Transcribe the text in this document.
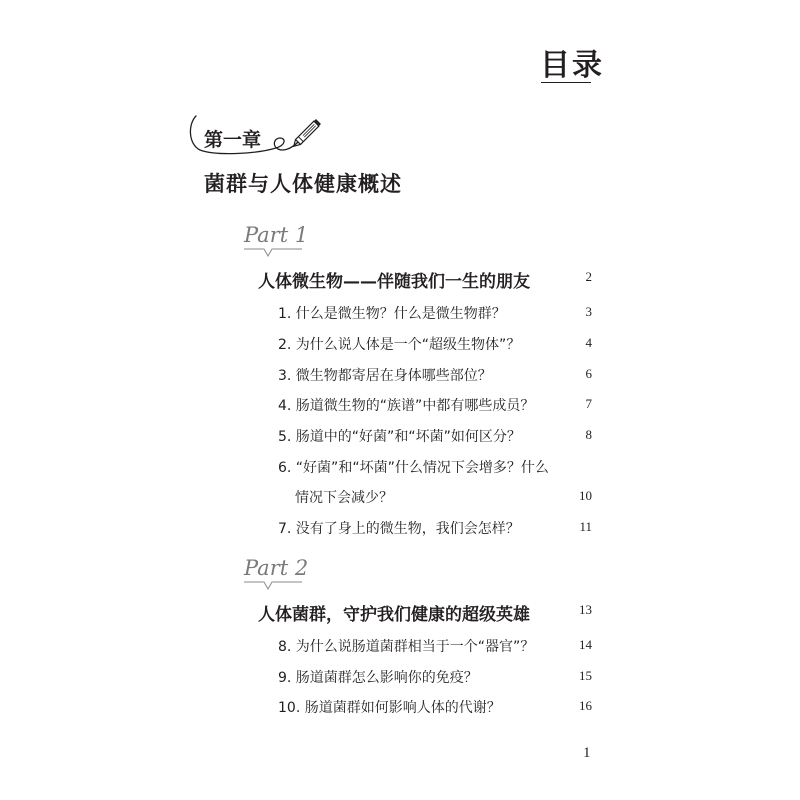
目录
第一章
菌群与人体健康概述
Part 1
人体微生物——伴随我们一生的朋友	2
1. 什么是微生物？什么是微生物群？	3
2. 为什么说人体是一个“超级生物体”？	4
3. 微生物都寄居在身体哪些部位？	6
4. 肠道微生物的“族谱”中都有哪些成员？	7
5. 肠道中的“好菌”和“坏菌”如何区分？	8
6. “好菌”和“坏菌”什么情况下会增多？什么
情况下会减少？	10
7. 没有了身上的微生物，我们会怎样？	11
Part 2
人体菌群，守护我们健康的超级英雄	13
8. 为什么说肠道菌群相当于一个“器官”？	14
9. 肠道菌群怎么影响你的免疫？	15
10. 肠道菌群如何影响人体的代谢？	16
1
